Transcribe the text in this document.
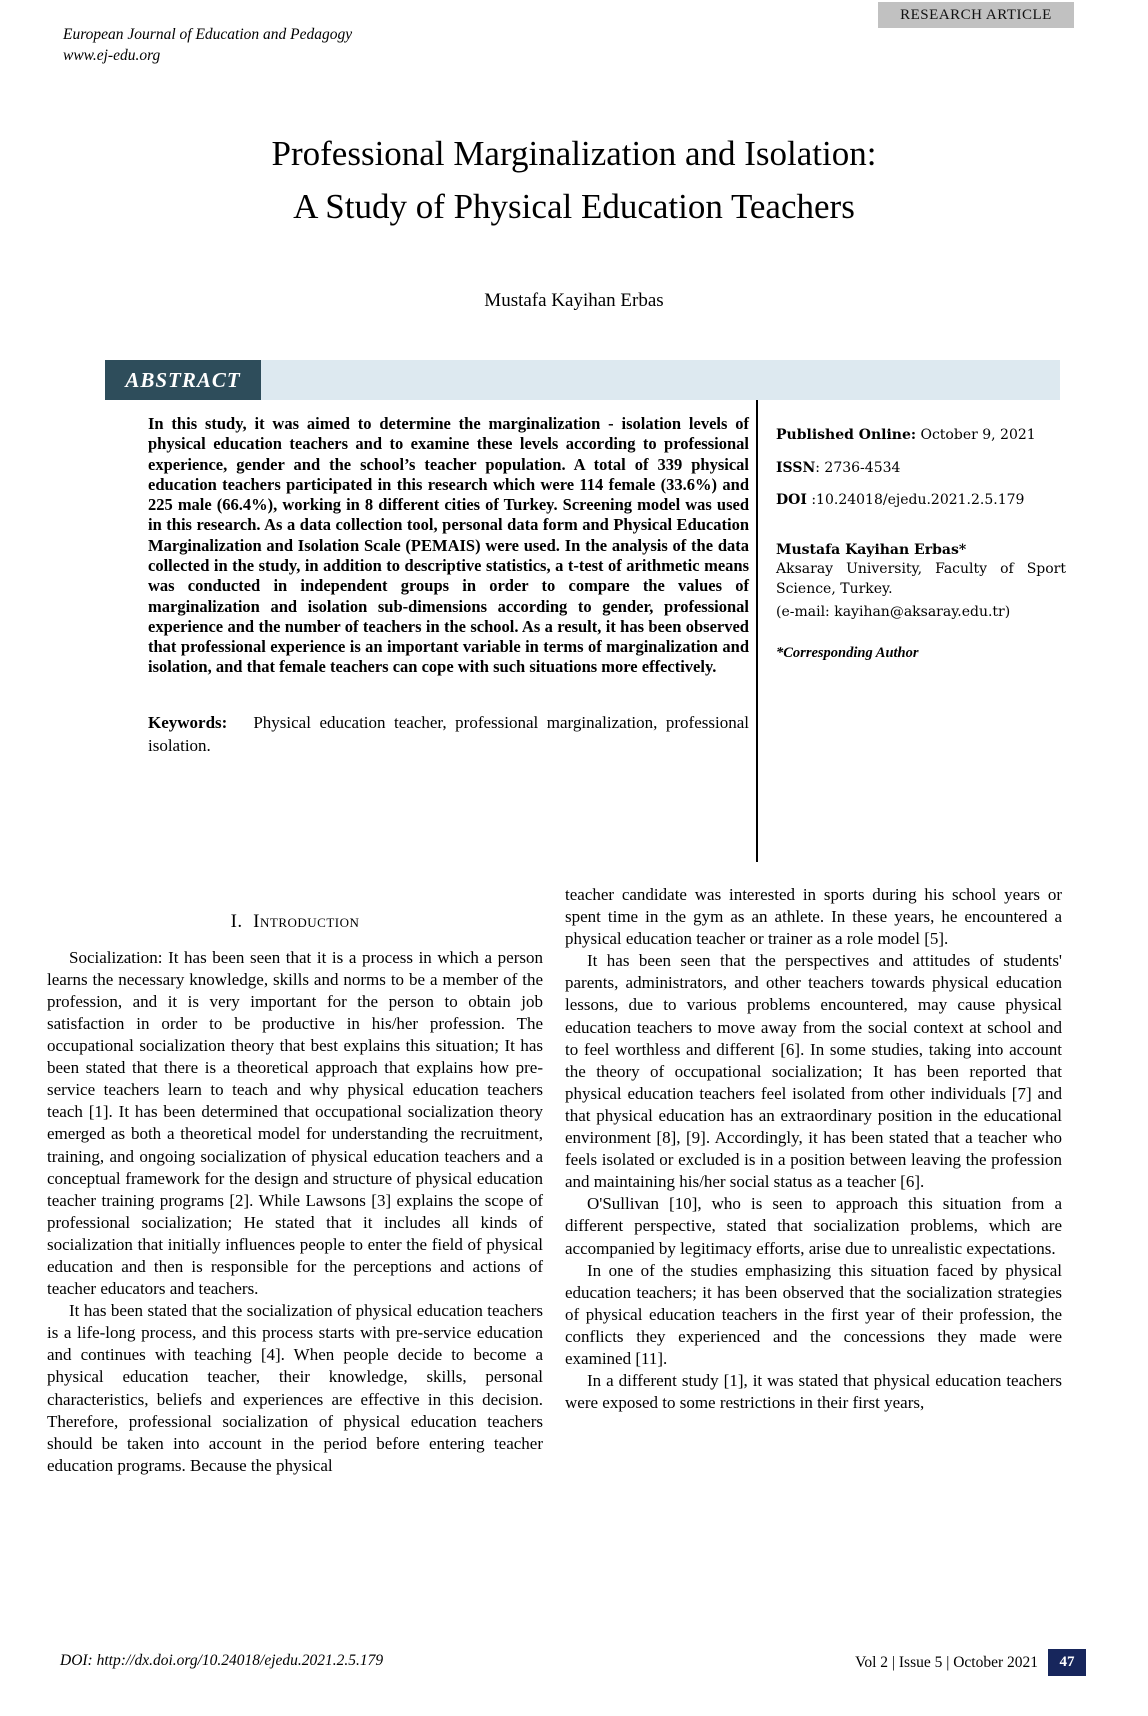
RESEARCH ARTICLE
European Journal of Education and Pedagogy
www.ej-edu.org
Professional Marginalization and Isolation:
A Study of Physical Education Teachers
Mustafa Kayihan Erbas
ABSTRACT
In this study, it was aimed to determine the marginalization - isolation levels of physical education teachers and to examine these levels according to professional experience, gender and the school’s teacher population. A total of 339 physical education teachers participated in this research which were 114 female (33.6%) and 225 male (66.4%), working in 8 different cities of Turkey. Screening model was used in this research. As a data collection tool, personal data form and Physical Education Marginalization and Isolation Scale (PEMAIS) were used. In the analysis of the data collected in the study, in addition to descriptive statistics, a t-test of arithmetic means was conducted in independent groups in order to compare the values of marginalization and isolation sub-dimensions according to gender, professional experience and the number of teachers in the school. As a result, it has been observed that professional experience is an important variable in terms of marginalization and isolation, and that female teachers can cope with such situations more effectively.
Keywords: Physical education teacher, professional marginalization, professional isolation.

Published Online: October 9, 2021

ISSN: 2736-4534

DOI :10.24018/ejedu.2021.2.5.179

Mustafa Kayihan Erbas*

Aksaray University, Faculty of Sport Science, Turkey.

(e-mail: kayihan@aksaray.edu.tr)

*Corresponding Author

I.  Introduction

Socialization: It has been seen that it is a process in which a person learns the necessary knowledge, skills and norms to be a member of the profession, and it is very important for the person to obtain job satisfaction in order to be productive in his/her profession. The occupational socialization theory that best explains this situation; It has been stated that there is a theoretical approach that explains how pre-service teachers learn to teach and why physical education teachers teach [1]. It has been determined that occupational socialization theory emerged as both a theoretical model for understanding the recruitment, training, and ongoing socialization of physical education teachers and a conceptual framework for the design and structure of physical education teacher training programs [2]. While Lawsons [3] explains the scope of professional socialization; He stated that it includes all kinds of socialization that initially influences people to enter the field of physical education and then is responsible for the perceptions and actions of teacher educators and teachers.

It has been stated that the socialization of physical education teachers is a life-long process, and this process starts with pre-service education and continues with teaching [4]. When people decide to become a physical education teacher, their knowledge, skills, personal characteristics, beliefs and experiences are effective in this decision. Therefore, professional socialization of physical education teachers should be taken into account in the period before entering teacher education programs. Because the physical

teacher candidate was interested in sports during his school years or spent time in the gym as an athlete. In these years, he encountered a physical education teacher or trainer as a role model [5].

It has been seen that the perspectives and attitudes of students' parents, administrators, and other teachers towards physical education lessons, due to various problems encountered, may cause physical education teachers to move away from the social context at school and to feel worthless and different [6]. In some studies, taking into account the theory of occupational socialization; It has been reported that physical education teachers feel isolated from other individuals [7] and that physical education has an extraordinary position in the educational environment [8], [9]. Accordingly, it has been stated that a teacher who feels isolated or excluded is in a position between leaving the profession and maintaining his/her social status as a teacher [6].

O'Sullivan [10], who is seen to approach this situation from a different perspective, stated that socialization problems, which are accompanied by legitimacy efforts, arise due to unrealistic expectations.

In one of the studies emphasizing this situation faced by physical education teachers; it has been observed that the socialization strategies of physical education teachers in the first year of their profession, the conflicts they experienced and the concessions they made were examined [11].

In a different study [1], it was stated that physical education teachers were exposed to some restrictions in their first years,

DOI: http://dx.doi.org/10.24018/ejedu.2021.2.5.179	Vol 2 | Issue 5 | October 2021	47
